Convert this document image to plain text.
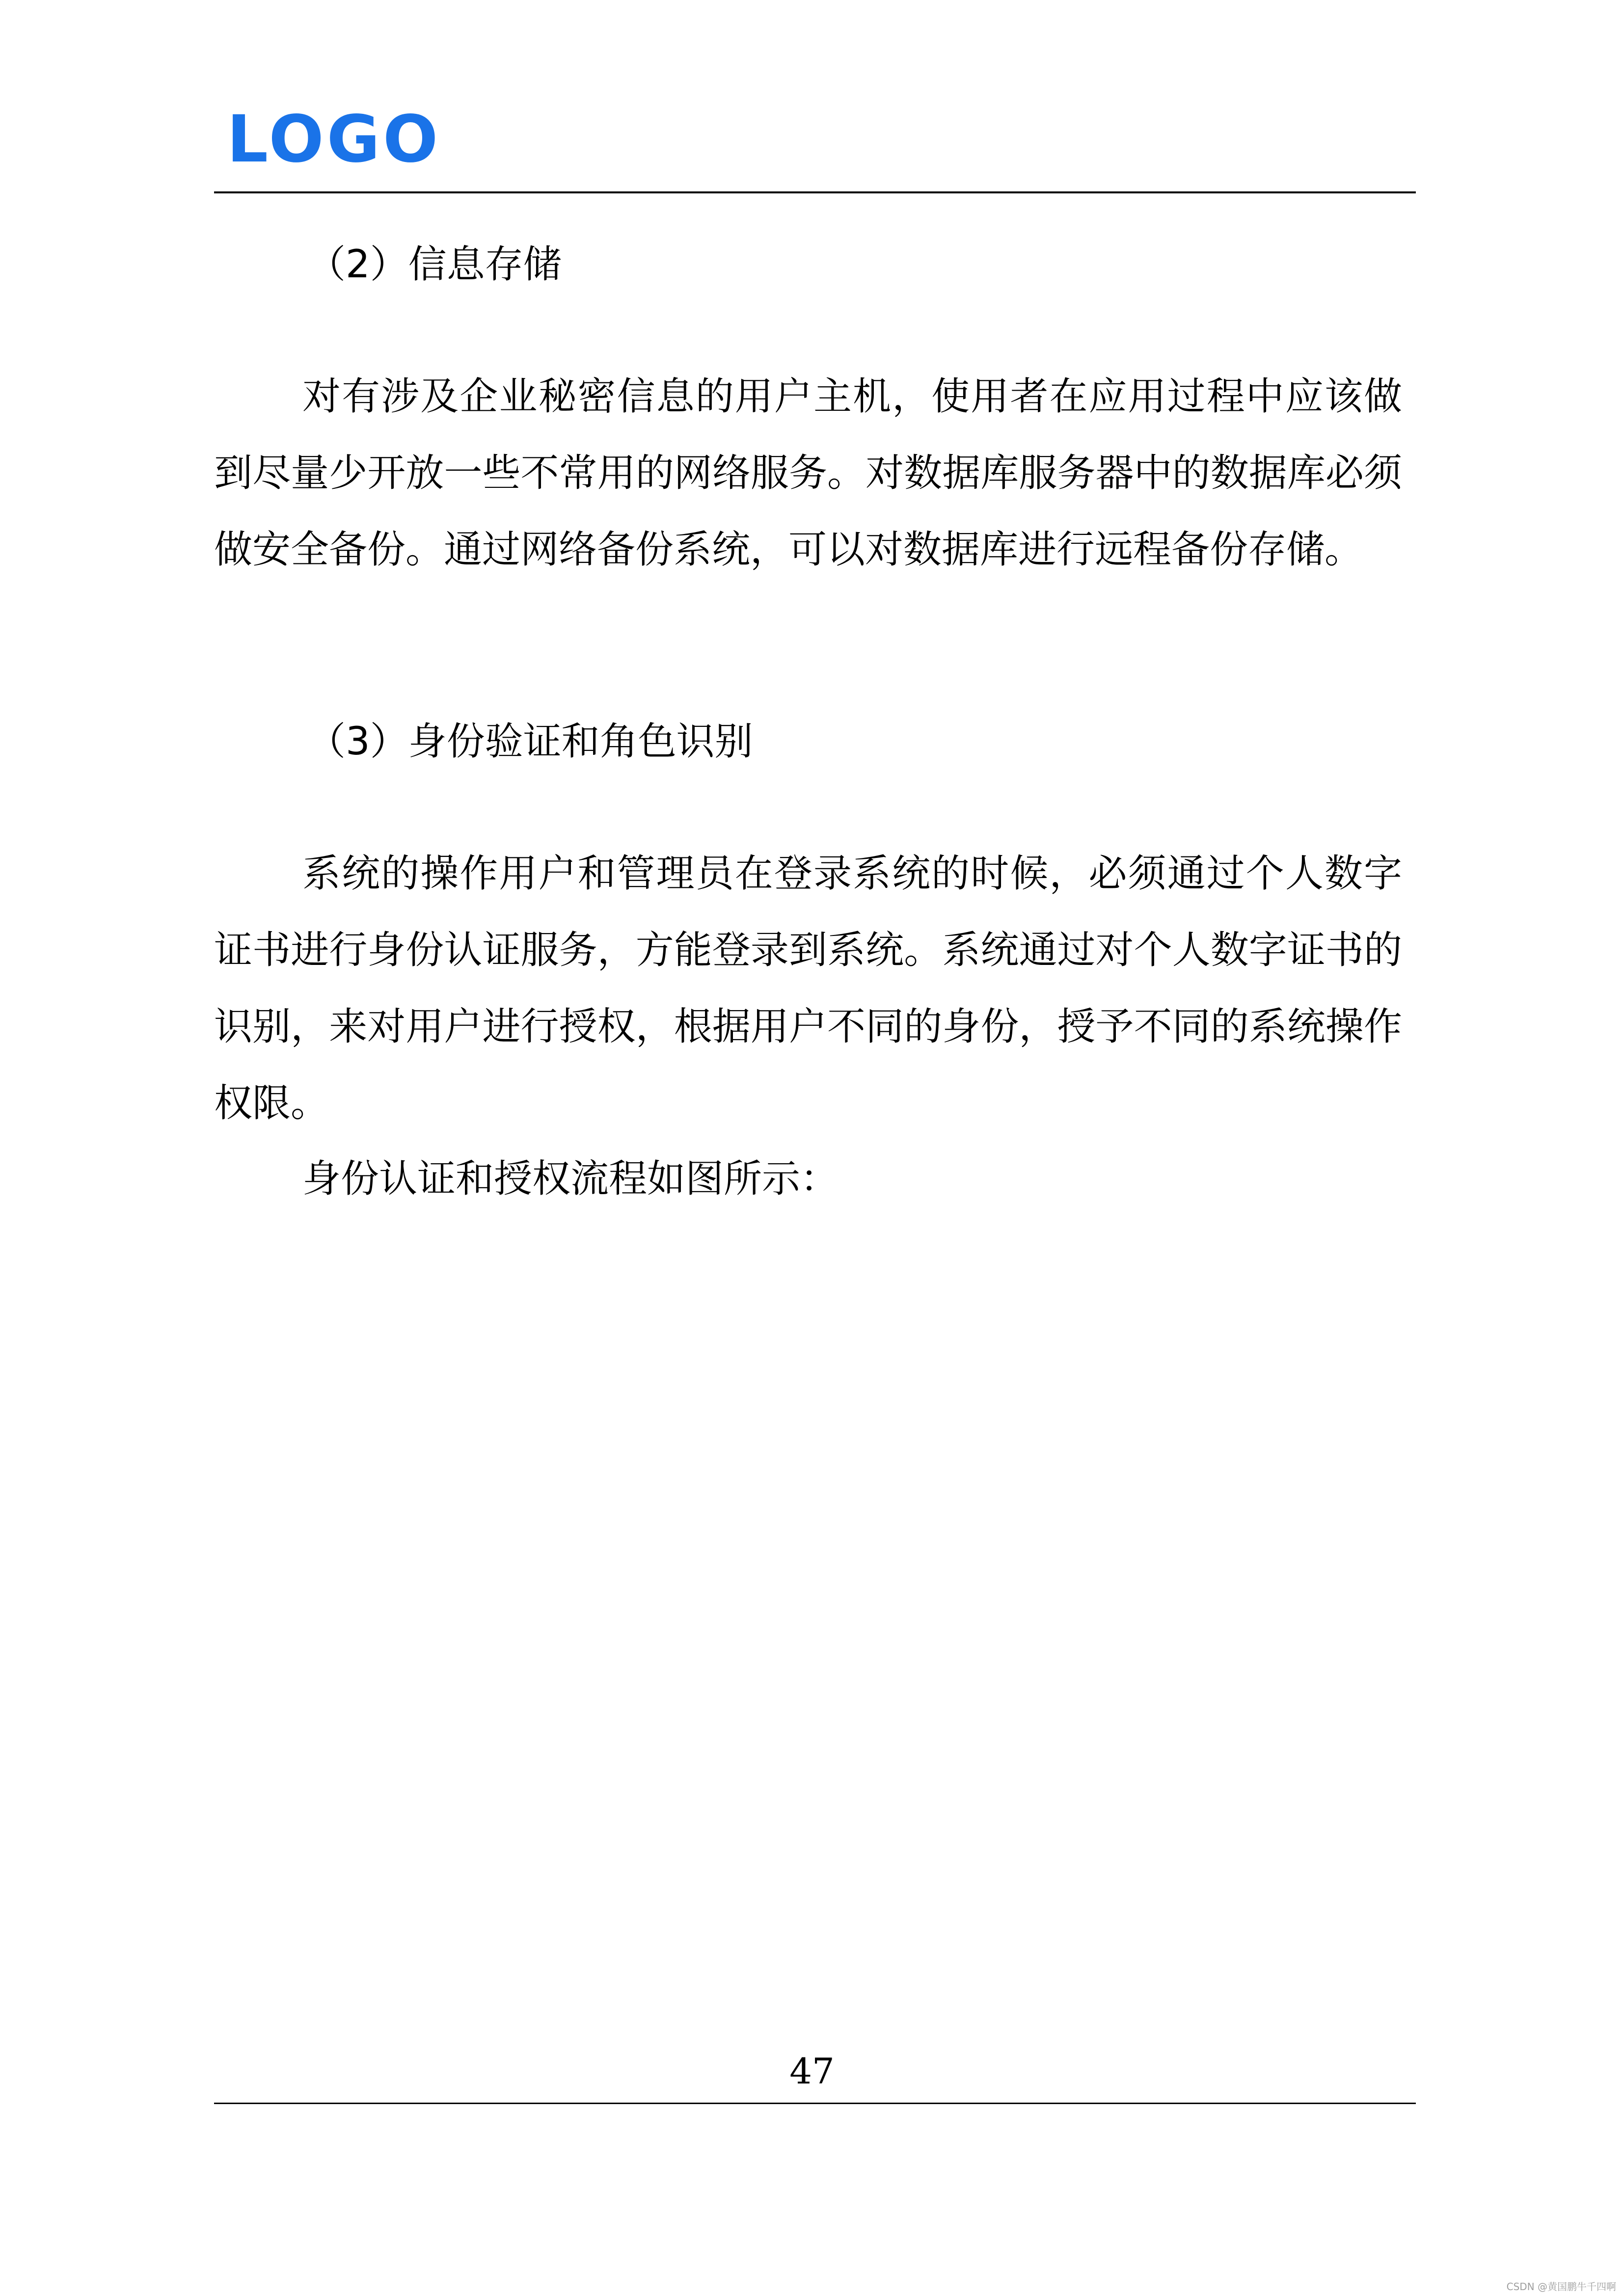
LOGO

（2）信息存储

对有涉及企业秘密信息的用户主机，使用者在应用过程中应该做到尽量少开放一些不常用的网络服务。对数据库服务器中的数据库必须做安全备份。通过网络备份系统，可以对数据库进行远程备份存储。

（3）身份验证和角色识别

系统的操作用户和管理员在登录系统的时候，必须通过个人数字证书进行身份认证服务，方能登录到系统。系统通过对个人数字证书的识别，来对用户进行授权，根据用户不同的身份，授予不同的系统操作权限。

身份认证和授权流程如图所示：

47
CSDN @黄国鹏牛千四啊
